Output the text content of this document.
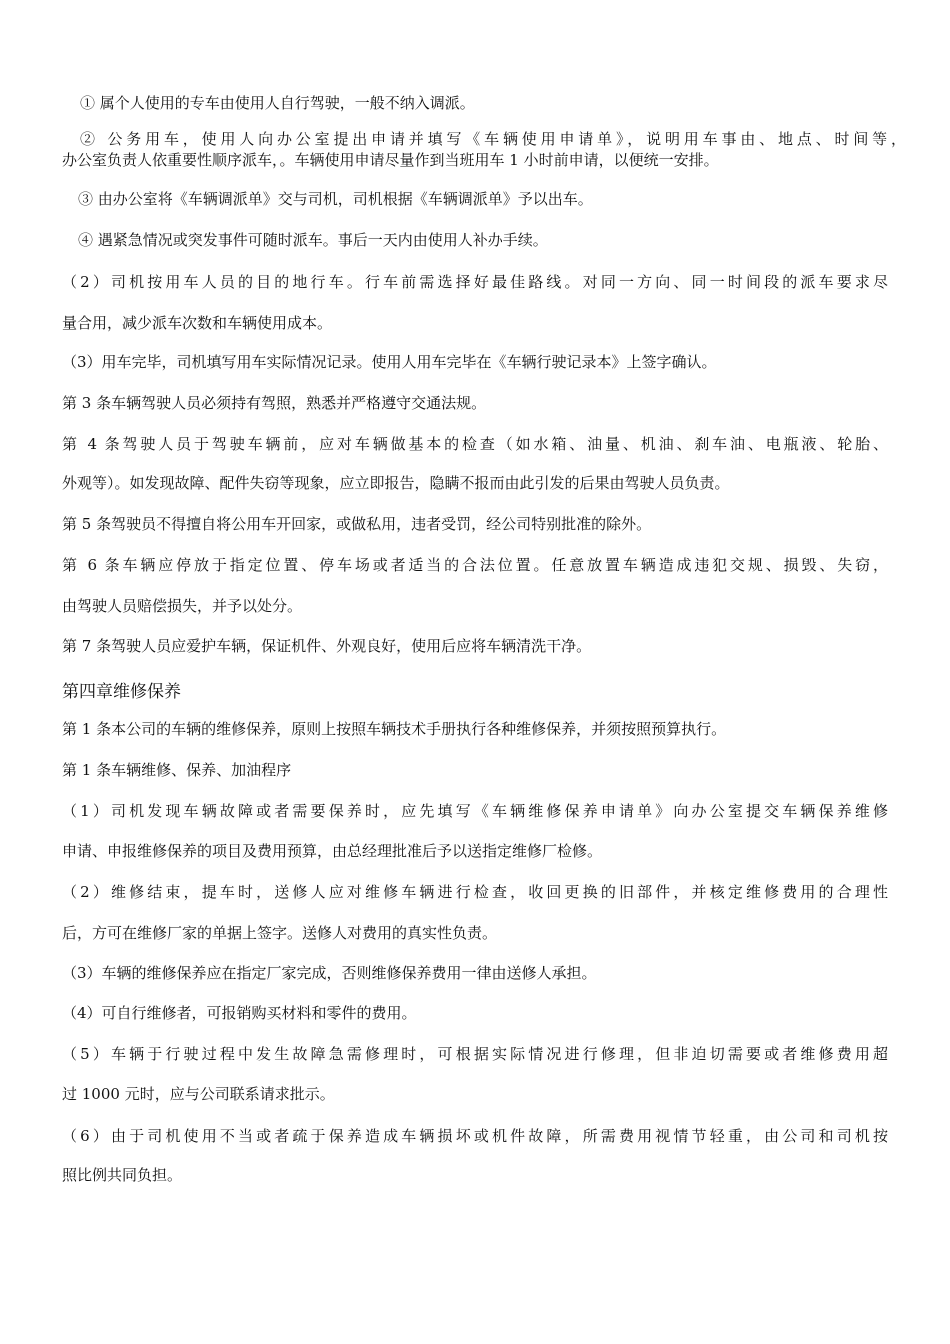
① 属个人使用的专车由使用人自行驾驶，一般不纳入调派。
② 公务用车，使用人向办公室提出申请并填写《车辆使用申请单》，说明用车事由、地点、时间等，
办公室负责人依重要性顺序派车，。车辆使用申请尽量作到当班用车 1 小时前申请，以便统一安排。
③ 由办公室将《车辆调派单》交与司机，司机根据《车辆调派单》予以出车。
④ 遇紧急情况或突发事件可随时派车。事后一天内由使用人补办手续。
（2）司机按用车人员的目的地行车。行车前需选择好最佳路线。对同一方向、同一时间段的派车要求尽
量合用，减少派车次数和车辆使用成本。
（3）用车完毕，司机填写用车实际情况记录。使用人用车完毕在《车辆行驶记录本》上签字确认。
第 3 条车辆驾驶人员必须持有驾照，熟悉并严格遵守交通法规。
第 4 条驾驶人员于驾驶车辆前，应对车辆做基本的检查（如水箱、油量、机油、刹车油、电瓶液、轮胎、
外观等）。如发现故障、配件失窃等现象，应立即报告，隐瞒不报而由此引发的后果由驾驶人员负责。
第 5 条驾驶员不得擅自将公用车开回家，或做私用，违者受罚，经公司特别批准的除外。
第 6 条车辆应停放于指定位置、停车场或者适当的合法位置。任意放置车辆造成违犯交规、损毁、失窃，
由驾驶人员赔偿损失，并予以处分。
第 7 条驾驶人员应爱护车辆，保证机件、外观良好，使用后应将车辆清洗干净。
第四章维修保养
第 1 条本公司的车辆的维修保养，原则上按照车辆技术手册执行各种维修保养，并须按照预算执行。
第 1 条车辆维修、保养、加油程序
（1）司机发现车辆故障或者需要保养时，应先填写《车辆维修保养申请单》向办公室提交车辆保养维修
申请、申报维修保养的项目及费用预算，由总经理批准后予以送指定维修厂检修。
（2）维修结束，提车时，送修人应对维修车辆进行检查，收回更换的旧部件，并核定维修费用的合理性
后，方可在维修厂家的单据上签字。送修人对费用的真实性负责。
（3）车辆的维修保养应在指定厂家完成，否则维修保养费用一律由送修人承担。
（4）可自行维修者，可报销购买材料和零件的费用。
（5）车辆于行驶过程中发生故障急需修理时，可根据实际情况进行修理，但非迫切需要或者维修费用超
过 1000 元时，应与公司联系请求批示。
（6）由于司机使用不当或者疏于保养造成车辆损坏或机件故障，所需费用视情节轻重，由公司和司机按
照比例共同负担。
